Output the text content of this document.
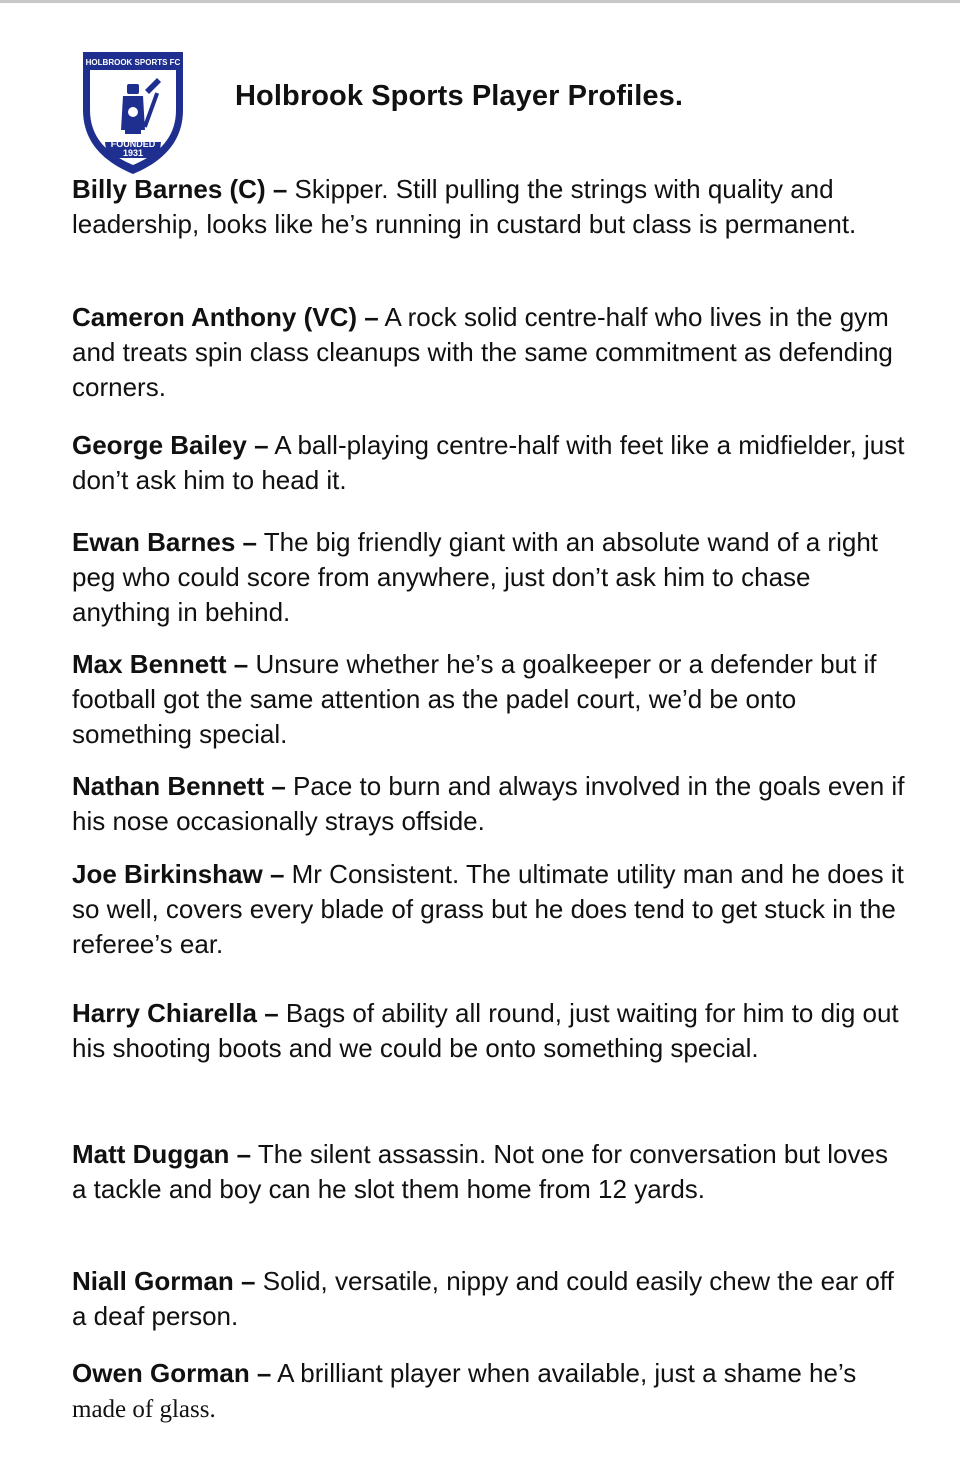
HOLBROOK SPORTS FC
FOUNDED
1931
Holbrook Sports Player Profiles.

Billy Barnes (C) – Skipper. Still pulling the strings with quality and leadership, looks like he’s running in custard but class is permanent.

Cameron Anthony (VC) – A rock solid centre-half who lives in the gym and treats spin class cleanups with the same commitment as defending corners.

George Bailey – A ball-playing centre-half with feet like a midfielder, just don’t ask him to head it.

Ewan Barnes – The big friendly giant with an absolute wand of a right peg who could score from anywhere, just don’t ask him to chase anything in behind.

Max Bennett – Unsure whether he’s a goalkeeper or a defender but if football got the same attention as the padel court, we’d be onto something special.

Nathan Bennett – Pace to burn and always involved in the goals even if his nose occasionally strays offside.

Joe Birkinshaw – Mr Consistent. The ultimate utility man and he does it so well, covers every blade of grass but he does tend to get stuck in the referee’s ear.

Harry Chiarella – Bags of ability all round, just waiting for him to dig out his shooting boots and we could be onto something special.

Matt Duggan – The silent assassin. Not one for conversation but loves a tackle and boy can he slot them home from 12 yards.

Niall Gorman – Solid, versatile, nippy and could easily chew the ear off a deaf person.

Owen Gorman – A brilliant player when available, just a shame he’s made of glass.
